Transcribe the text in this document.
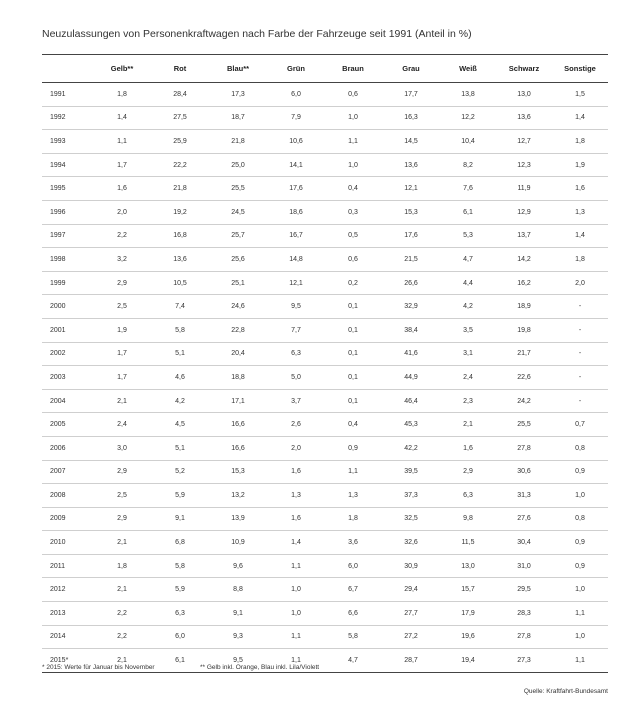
Neuzulassungen von Personenkraftwagen nach Farbe der Fahrzeuge seit 1991 (Anteil in %)
	Gelb**	Rot	Blau**	Grün	Braun	Grau	Weiß	Schwarz	Sonstige
1991	1,8	28,4	17,3	6,0	0,6	17,7	13,8	13,0	1,5
1992	1,4	27,5	18,7	7,9	1,0	16,3	12,2	13,6	1,4
1993	1,1	25,9	21,8	10,6	1,1	14,5	10,4	12,7	1,8
1994	1,7	22,2	25,0	14,1	1,0	13,6	8,2	12,3	1,9
1995	1,6	21,8	25,5	17,6	0,4	12,1	7,6	11,9	1,6
1996	2,0	19,2	24,5	18,6	0,3	15,3	6,1	12,9	1,3
1997	2,2	16,8	25,7	16,7	0,5	17,6	5,3	13,7	1,4
1998	3,2	13,6	25,6	14,8	0,6	21,5	4,7	14,2	1,8
1999	2,9	10,5	25,1	12,1	0,2	26,6	4,4	16,2	2,0
2000	2,5	7,4	24,6	9,5	0,1	32,9	4,2	18,9	-
2001	1,9	5,8	22,8	7,7	0,1	38,4	3,5	19,8	-
2002	1,7	5,1	20,4	6,3	0,1	41,6	3,1	21,7	-
2003	1,7	4,6	18,8	5,0	0,1	44,9	2,4	22,6	-
2004	2,1	4,2	17,1	3,7	0,1	46,4	2,3	24,2	-
2005	2,4	4,5	16,6	2,6	0,4	45,3	2,1	25,5	0,7
2006	3,0	5,1	16,6	2,0	0,9	42,2	1,6	27,8	0,8
2007	2,9	5,2	15,3	1,6	1,1	39,5	2,9	30,6	0,9
2008	2,5	5,9	13,2	1,3	1,3	37,3	6,3	31,3	1,0
2009	2,9	9,1	13,9	1,6	1,8	32,5	9,8	27,6	0,8
2010	2,1	6,8	10,9	1,4	3,6	32,6	11,5	30,4	0,9
2011	1,8	5,8	9,6	1,1	6,0	30,9	13,0	31,0	0,9
2012	2,1	5,9	8,8	1,0	6,7	29,4	15,7	29,5	1,0
2013	2,2	6,3	9,1	1,0	6,6	27,7	17,9	28,3	1,1
2014	2,2	6,0	9,3	1,1	5,8	27,2	19,6	27,8	1,0
2015*	2,1	6,1	9,5	1,1	4,7	28,7	19,4	27,3	1,1
* 2015: Werte für Januar bis November	** Gelb inkl. Orange, Blau inkl. Lila/Violett
Quelle: Kraftfahrt-Bundesamt
